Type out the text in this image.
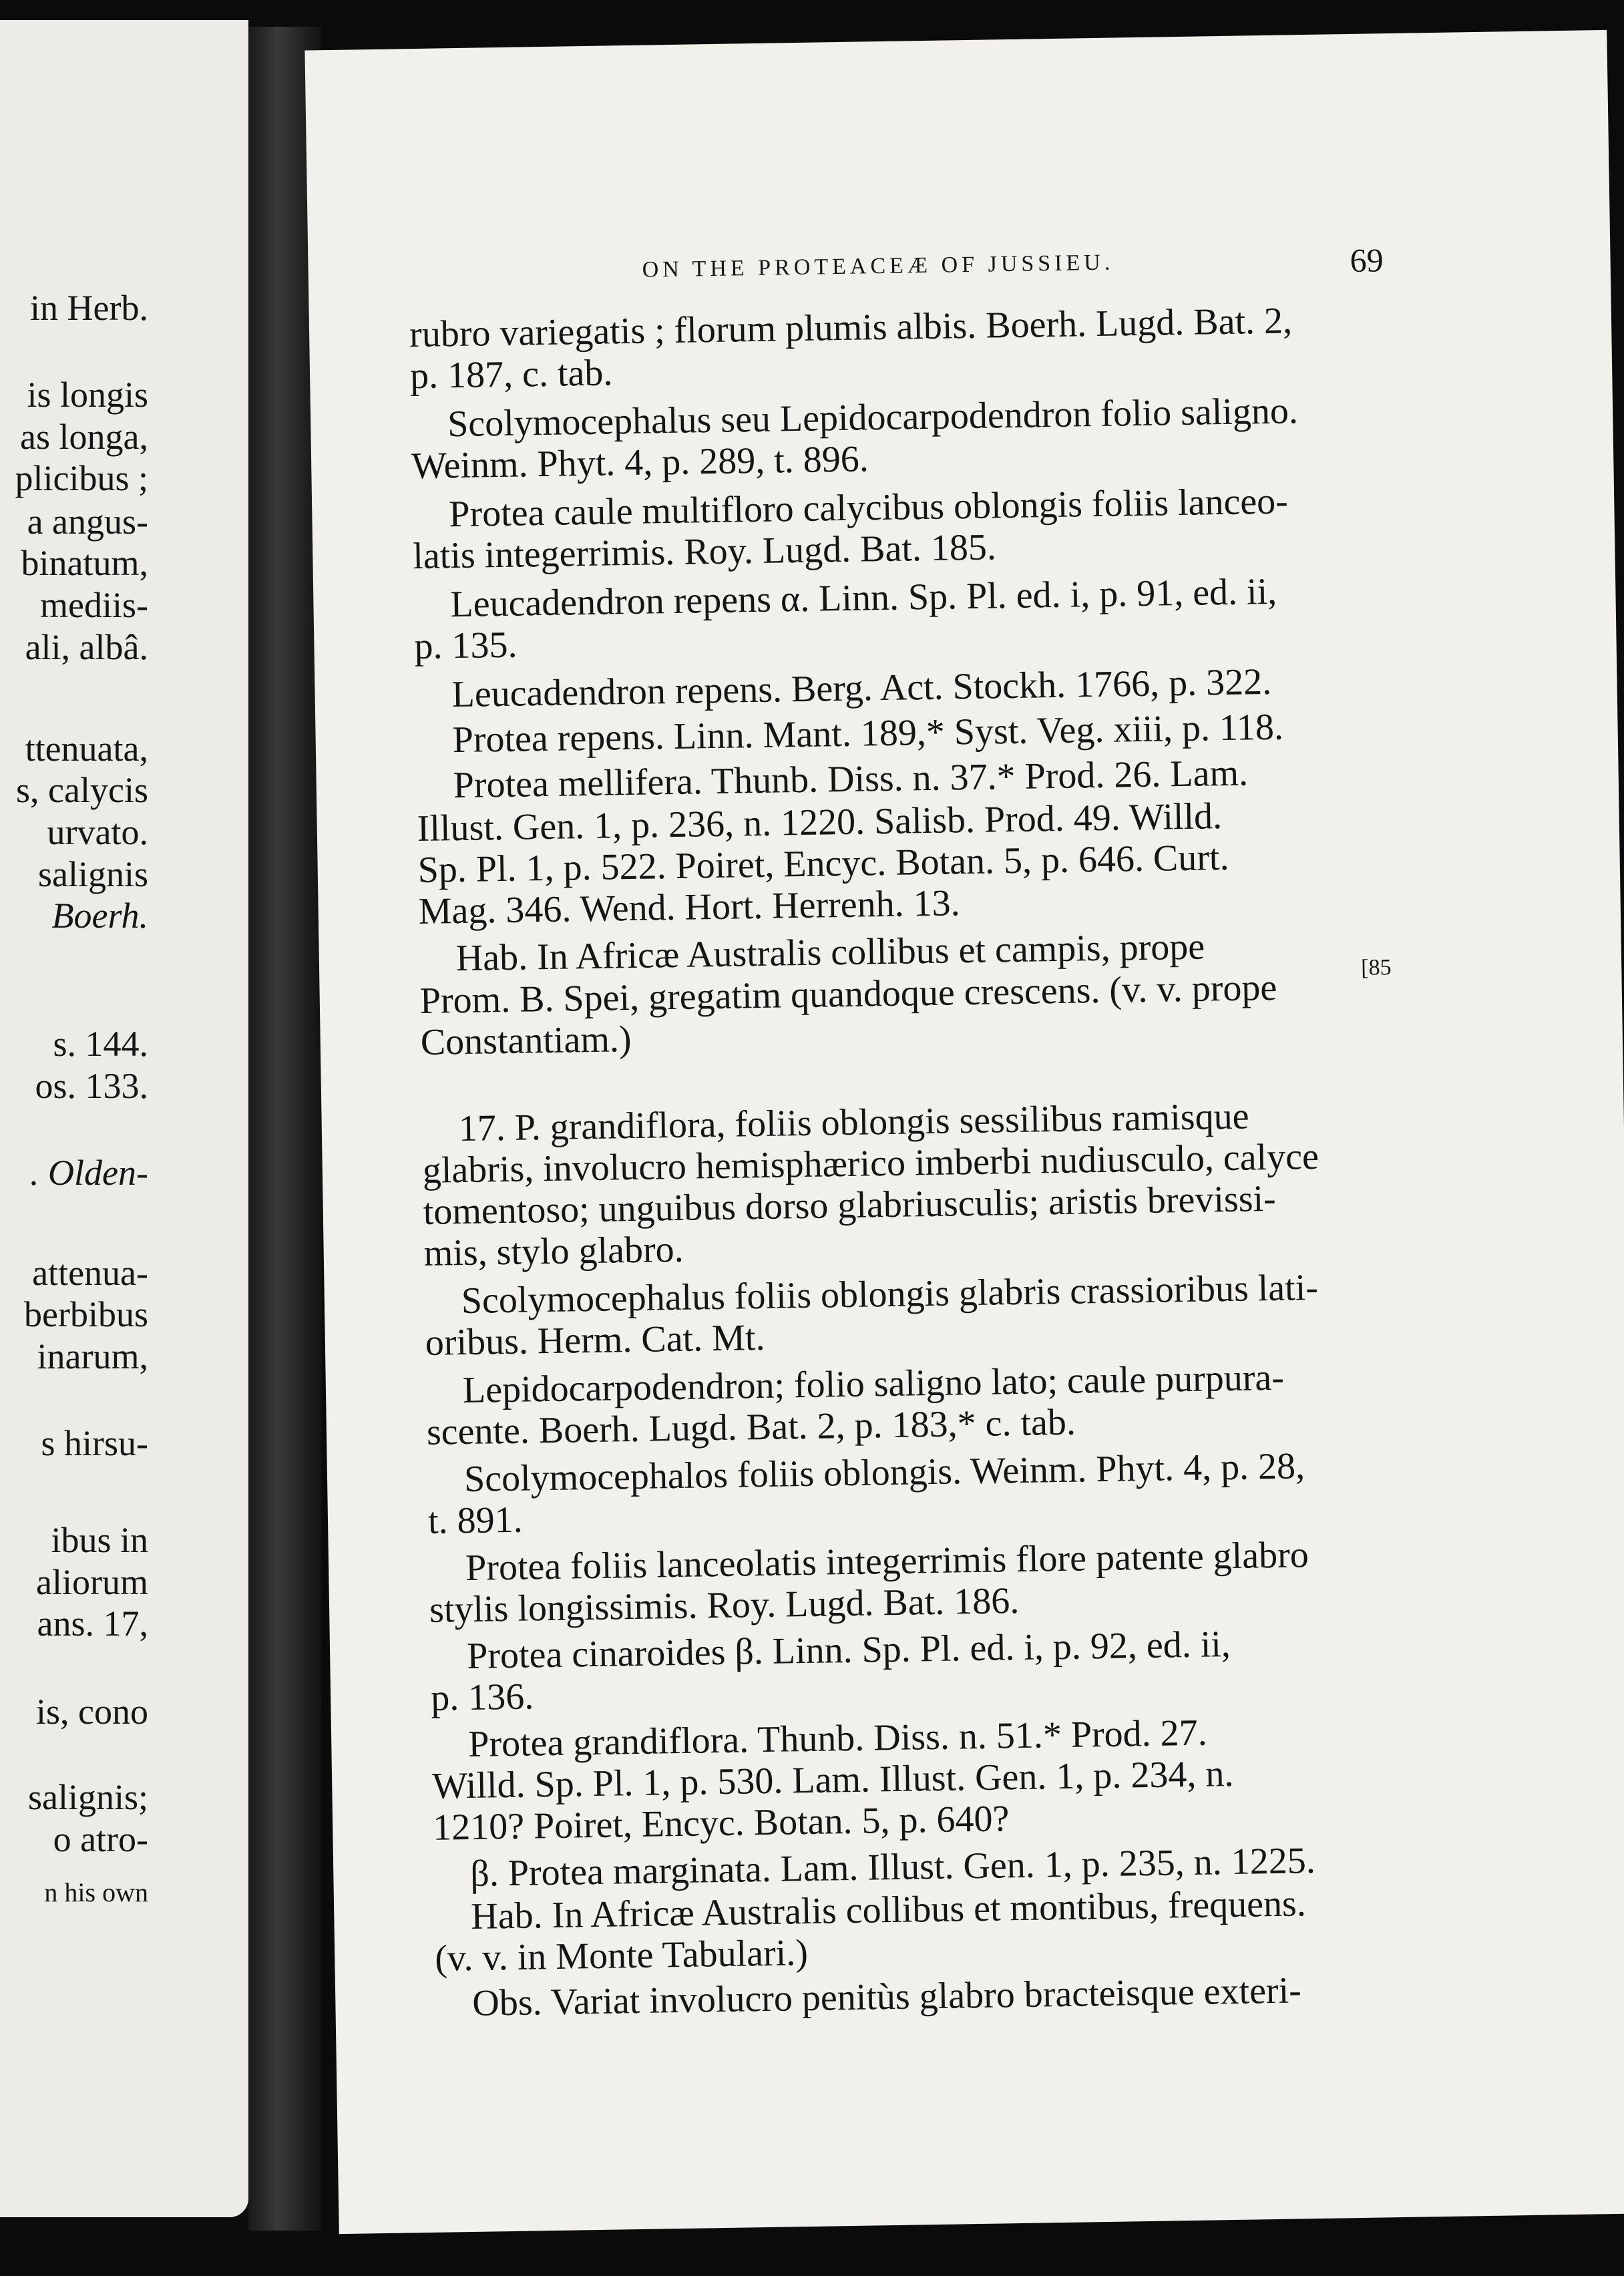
in Herb.
is longis
as longa,
plicibus ;
a angus-
binatum,
mediis-
ali, albâ.
ttenuata,
s, calycis
urvato.
salignis
Boerh.
s. 144.
os. 133.
. Olden-
attenua-
berbibus
inarum,
s hirsu-
ibus in
aliorum
ans. 17,
is, cono
salignis;
o atro-
n his own
ON THE PROTEACEÆ OF JUSSIEU.	69
[85
rubro variegatis ; florum plumis albis. Boerh. Lugd. Bat. 2,
p. 187, c. tab.
Scolymocephalus seu Lepidocarpodendron folio saligno.
Weinm. Phyt. 4, p. 289, t. 896.
Protea caule multifloro calycibus oblongis foliis lanceo-
latis integerrimis. Roy. Lugd. Bat. 185.
Leucadendron repens α. Linn. Sp. Pl. ed. i, p. 91, ed. ii,
p. 135.
Leucadendron repens. Berg. Act. Stockh. 1766, p. 322.
Protea repens. Linn. Mant. 189,* Syst. Veg. xiii, p. 118.
Protea mellifera. Thunb. Diss. n. 37.* Prod. 26. Lam.
Illust. Gen. 1, p. 236, n. 1220. Salisb. Prod. 49. Willd.
Sp. Pl. 1, p. 522. Poiret, Encyc. Botan. 5, p. 646. Curt.
Mag. 346. Wend. Hort. Herrenh. 13.
Hab. In Africæ Australis collibus et campis, prope
Prom. B. Spei, gregatim quandoque crescens. (v. v. prope
Constantiam.)
17. P. grandiflora, foliis oblongis sessilibus ramisque
glabris, involucro hemisphærico imberbi nudiusculo, calyce
tomentoso; unguibus dorso glabriusculis; aristis brevissi-
mis, stylo glabro.
Scolymocephalus foliis oblongis glabris crassioribus lati-
oribus. Herm. Cat. Mt.
Lepidocarpodendron; folio saligno lato; caule purpura-
scente. Boerh. Lugd. Bat. 2, p. 183,* c. tab.
Scolymocephalos foliis oblongis. Weinm. Phyt. 4, p. 28,
t. 891.
Protea foliis lanceolatis integerrimis flore patente glabro
stylis longissimis. Roy. Lugd. Bat. 186.
Protea cinaroides β. Linn. Sp. Pl. ed. i, p. 92, ed. ii,
p. 136.
Protea grandiflora. Thunb. Diss. n. 51.* Prod. 27.
Willd. Sp. Pl. 1, p. 530. Lam. Illust. Gen. 1, p. 234, n.
1210? Poiret, Encyc. Botan. 5, p. 640?
β. Protea marginata. Lam. Illust. Gen. 1, p. 235, n. 1225.
Hab. In Africæ Australis collibus et montibus, frequens.
(v. v. in Monte Tabulari.)
Obs. Variat involucro penitùs glabro bracteisque exteri-
